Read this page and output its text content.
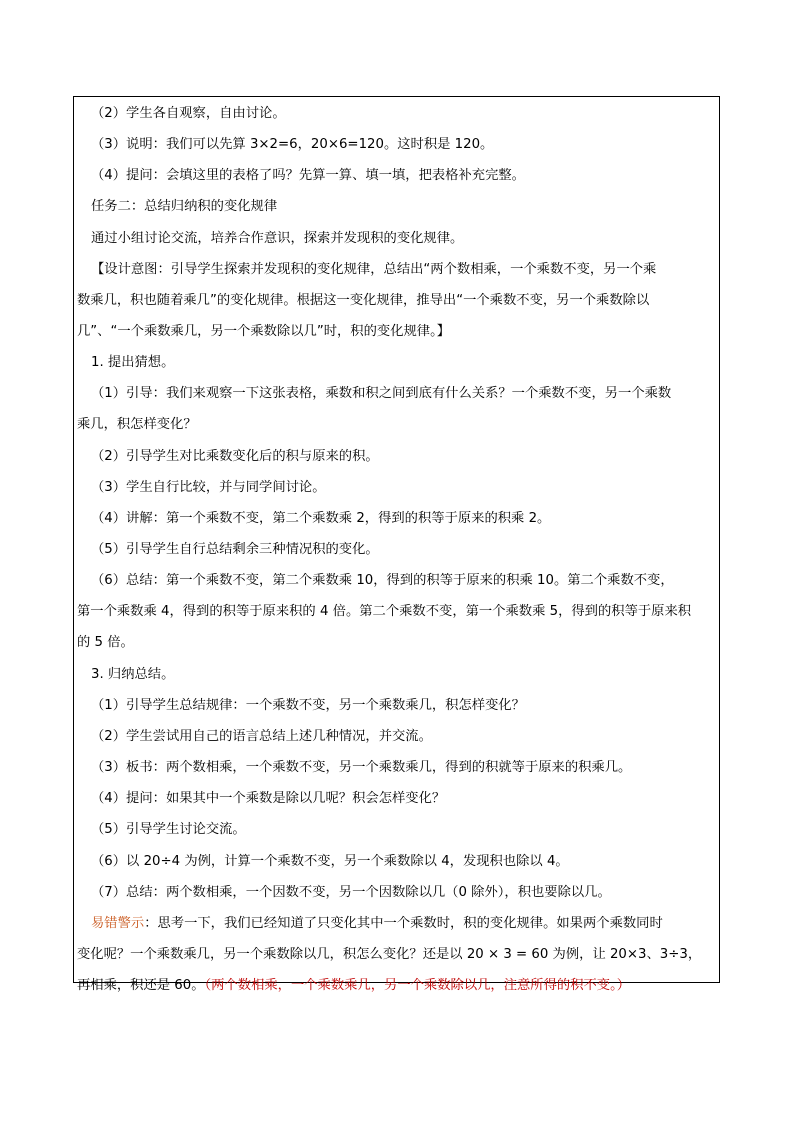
（2）学生各自观察，自由讨论。
（3）说明：我们可以先算 3×2=6，20×6=120。这时积是 120。
（4）提问：会填这里的表格了吗？先算一算、填一填，把表格补充完整。
任务二：总结归纳积的变化规律
通过小组讨论交流，培养合作意识，探索并发现积的变化规律。
【设计意图：引导学生探索并发现积的变化规律，总结出“两个数相乘，一个乘数不变，另一个乘
数乘几，积也随着乘几”的变化规律。根据这一变化规律，推导出“一个乘数不变，另一个乘数除以
几”、“一个乘数乘几，另一个乘数除以几”时，积的变化规律。】
1. 提出猜想。
（1）引导：我们来观察一下这张表格，乘数和积之间到底有什么关系？一个乘数不变，另一个乘数
乘几，积怎样变化？
（2）引导学生对比乘数变化后的积与原来的积。
（3）学生自行比较，并与同学间讨论。
（4）讲解：第一个乘数不变，第二个乘数乘 2，得到的积等于原来的积乘 2。
（5）引导学生自行总结剩余三种情况积的变化。
（6）总结：第一个乘数不变，第二个乘数乘 10，得到的积等于原来的积乘 10。第二个乘数不变，
第一个乘数乘 4，得到的积等于原来积的 4 倍。第二个乘数不变，第一个乘数乘 5，得到的积等于原来积
的 5 倍。
3. 归纳总结。
（1）引导学生总结规律：一个乘数不变，另一个乘数乘几，积怎样变化？
（2）学生尝试用自己的语言总结上述几种情况，并交流。
（3）板书：两个数相乘，一个乘数不变，另一个乘数乘几，得到的积就等于原来的积乘几。
（4）提问：如果其中一个乘数是除以几呢？积会怎样变化？
（5）引导学生讨论交流。
（6）以 20÷4 为例，计算一个乘数不变，另一个乘数除以 4，发现积也除以 4。
（7）总结：两个数相乘，一个因数不变，另一个因数除以几（0 除外），积也要除以几。
易错警示：思考一下，我们已经知道了只变化其中一个乘数时，积的变化规律。如果两个乘数同时
变化呢？一个乘数乘几，另一个乘数除以几，积怎么变化？还是以 20 × 3 = 60 为例，让 20×3、3÷3，
再相乘，积还是 60。（两个数相乘，一个乘数乘几，另一个乘数除以几，注意所得的积不变。）
